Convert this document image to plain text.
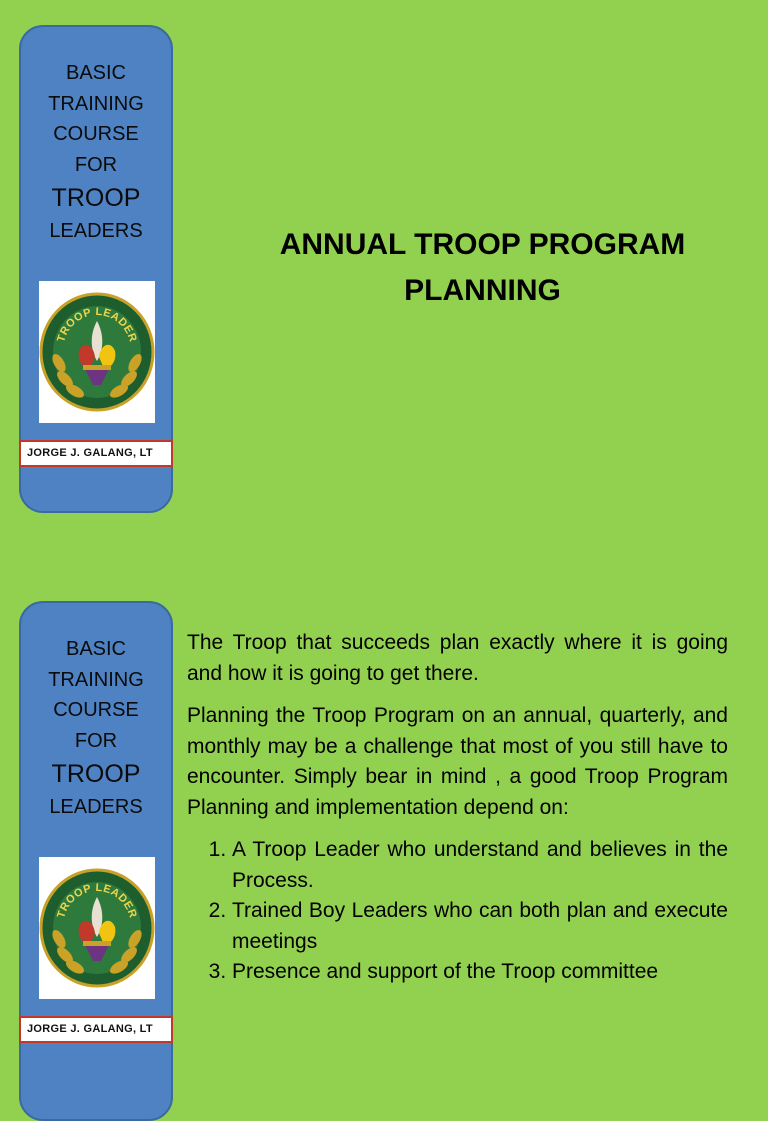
BASIC
TRAINING
COURSE
FOR
TROOP
LEADERS
TROOP LEADER
JORGE J. GALANG, LT
ANNUAL TROOP PROGRAM
PLANNING
BASIC
TRAINING
COURSE
FOR
TROOP
LEADERS
TROOP LEADER
JORGE J. GALANG, LT

The Troop that succeeds plan exactly where it is going and how it is going to get there.

Planning the Troop Program on an annual, quarterly, and monthly may be a challenge that most of you still have to encounter. Simply bear in mind , a good Troop Program Planning and implementation depend on:

1. A Troop Leader who understand and believes in the Process.
2. Trained Boy Leaders who can both plan and execute meetings
3. Presence and support of the Troop committee
